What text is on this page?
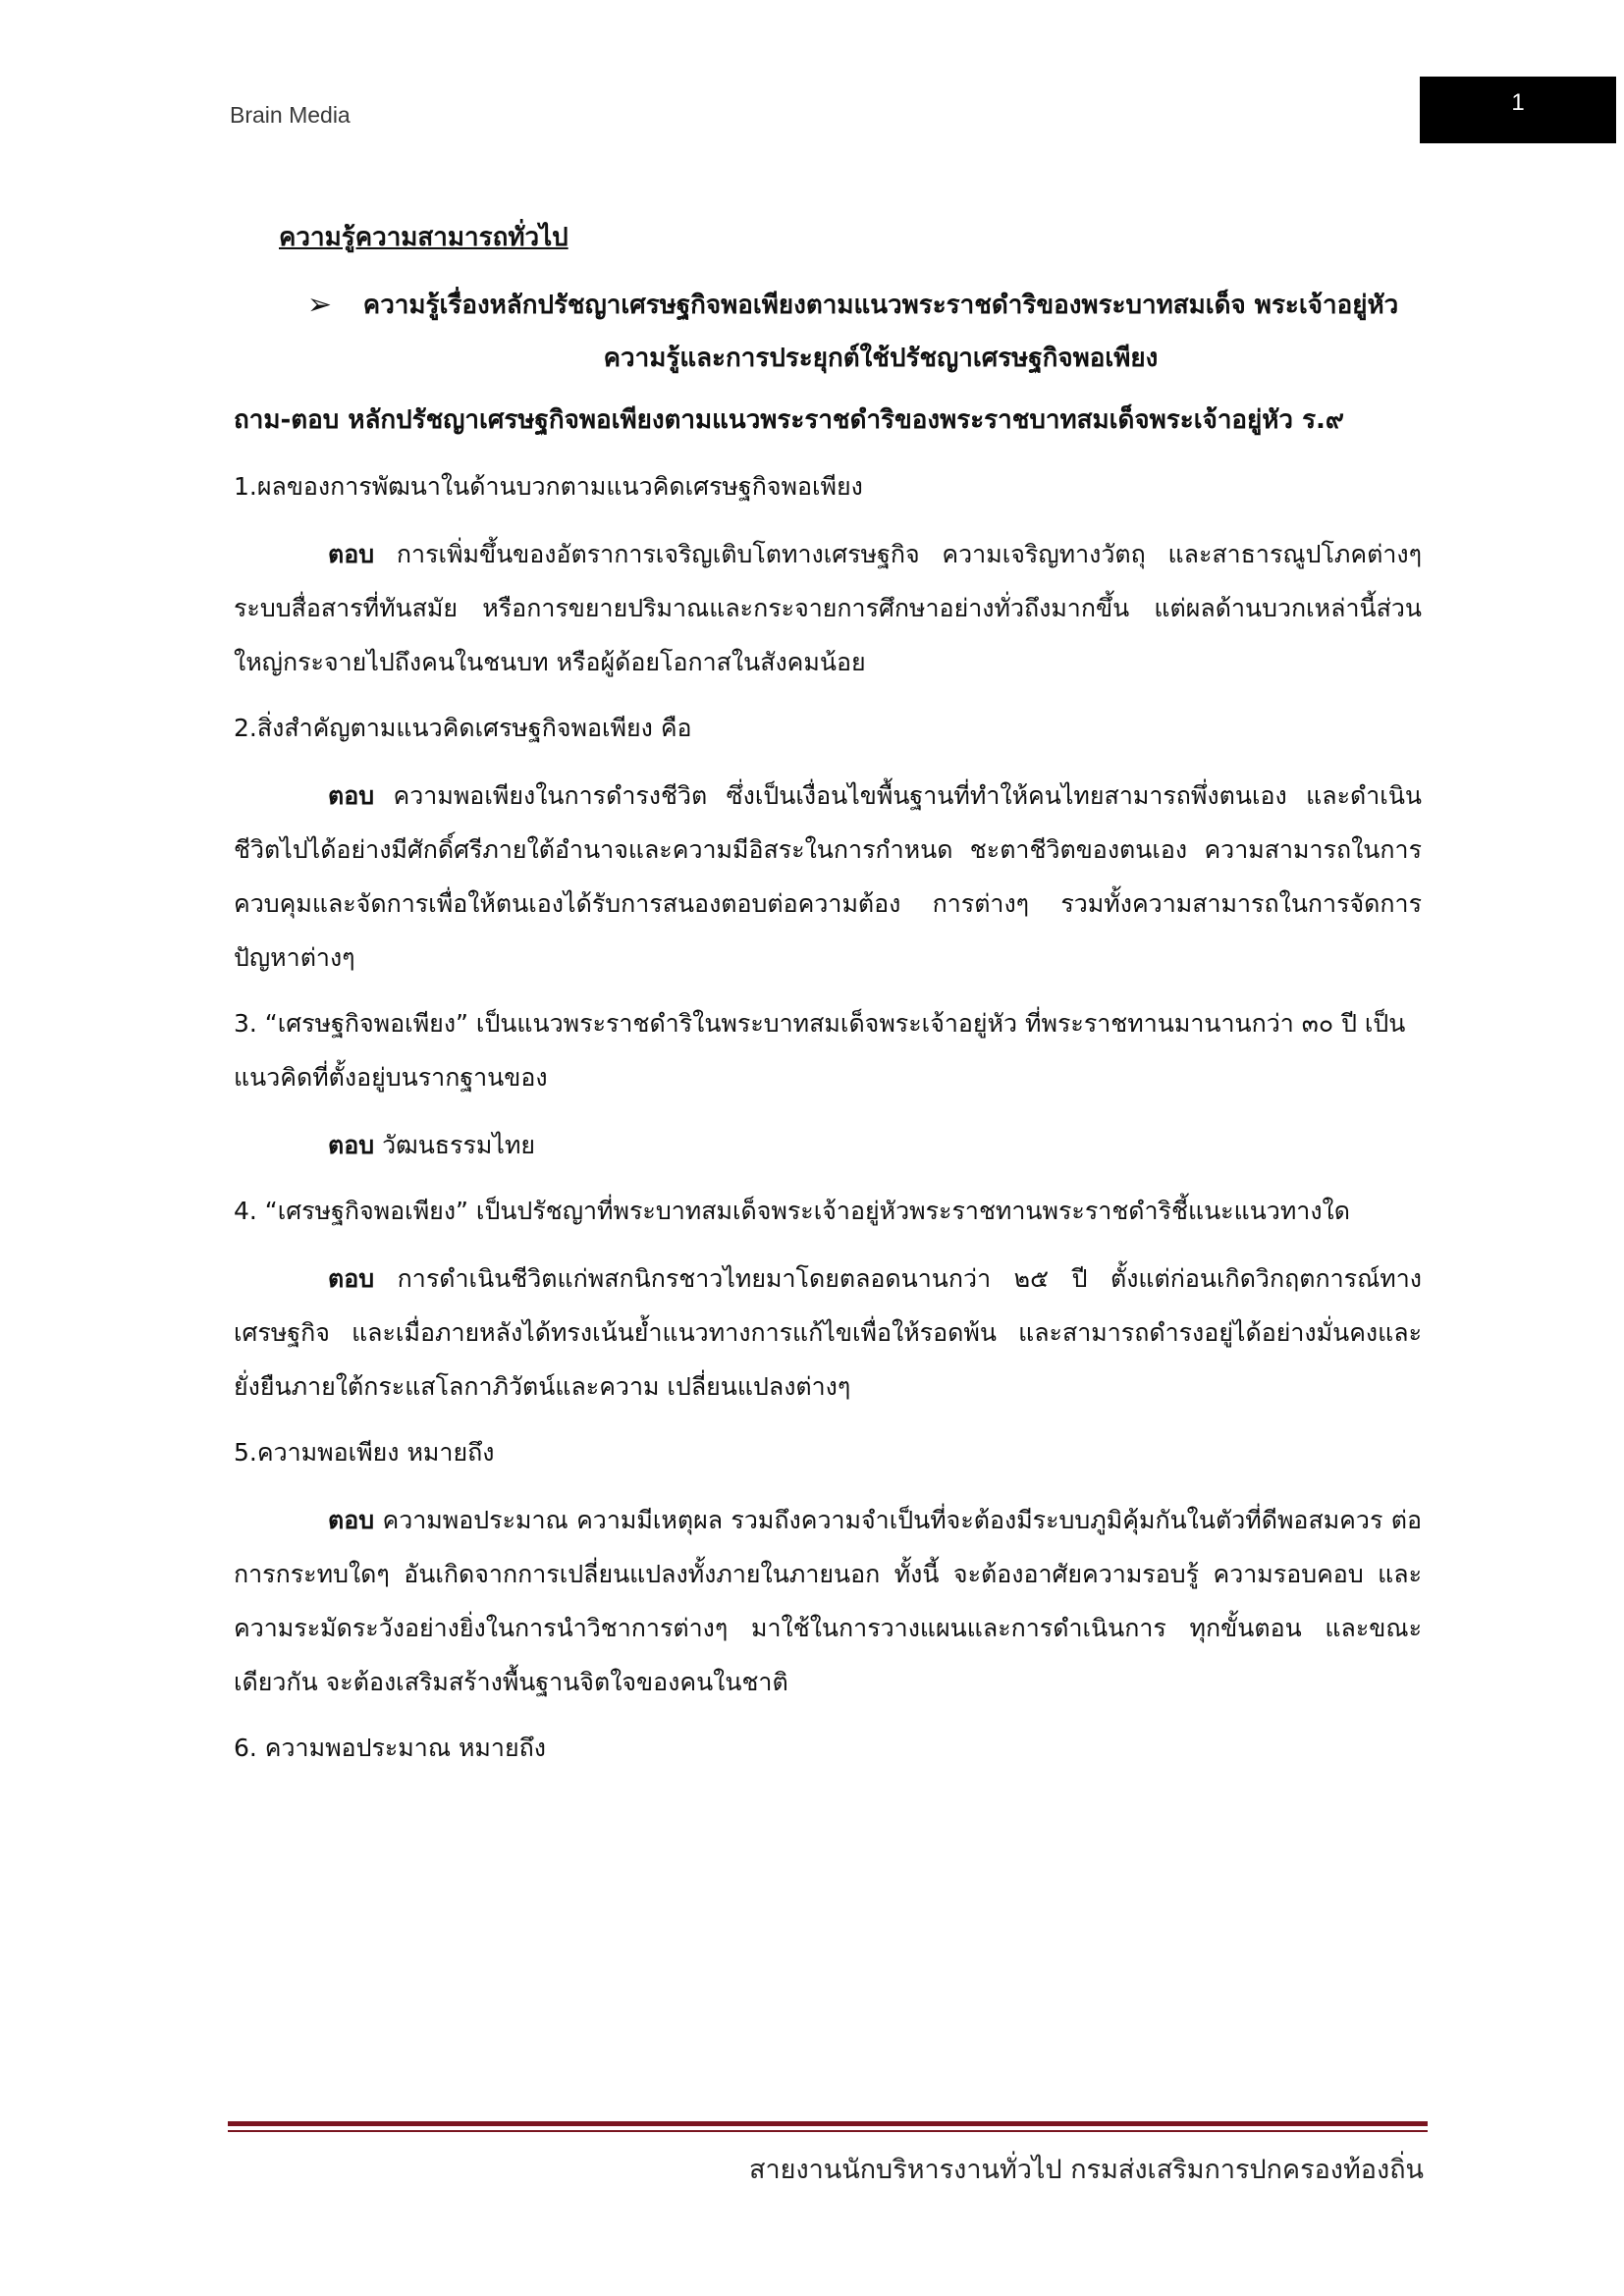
Brain Media	1
ความรู้ความสามารถทั่วไป
➢	ความรู้เรื่องหลักปรัชญาเศรษฐกิจพอเพียงตามแนวพระราชดำริของพระบาทสมเด็จ พระเจ้าอยู่หัว ความรู้และการประยุกต์ใช้ปรัชญาเศรษฐกิจพอเพียง
ถาม-ตอบ หลักปรัชญาเศรษฐกิจพอเพียงตามแนวพระราชดำริของพระราชบาทสมเด็จพระเจ้าอยู่หัว ร.๙
1.ผลของการพัฒนาในด้านบวกตามแนวคิดเศรษฐกิจพอเพียง
ตอบ การเพิ่มขึ้นของอัตราการเจริญเติบโตทางเศรษฐกิจ ความเจริญทางวัตถุ และสาธารณูปโภคต่างๆ ระบบสื่อสารที่ทันสมัย หรือการขยายปริมาณและกระจายการศึกษาอย่างทั่วถึงมากขึ้น แต่ผลด้านบวกเหล่านี้ส่วนใหญ่กระจายไปถึงคนในชนบท หรือผู้ด้อยโอกาสในสังคมน้อย
2.สิ่งสำคัญตามแนวคิดเศรษฐกิจพอเพียง คือ
ตอบ ความพอเพียงในการดำรงชีวิต ซึ่งเป็นเงื่อนไขพื้นฐานที่ทำให้คนไทยสามารถพึ่งตนเอง และดำเนินชีวิตไปได้อย่างมีศักดิ์ศรีภายใต้อำนาจและความมีอิสระในการกำหนด ชะตาชีวิตของตนเอง ความสามารถในการควบคุมและจัดการเพื่อให้ตนเองได้รับการสนองตอบต่อความต้อง การต่างๆ รวมทั้งความสามารถในการจัดการปัญหาต่างๆ
3. “เศรษฐกิจพอเพียง” เป็นแนวพระราชดำริในพระบาทสมเด็จพระเจ้าอยู่หัว ที่พระราชทานมานานกว่า ๓๐ ปี เป็นแนวคิดที่ตั้งอยู่บนรากฐานของ
ตอบ วัฒนธรรมไทย
4. “เศรษฐกิจพอเพียง” เป็นปรัชญาที่พระบาทสมเด็จพระเจ้าอยู่หัวพระราชทานพระราชดำริชี้แนะแนวทางใด
ตอบ การดำเนินชีวิตแก่พสกนิกรชาวไทยมาโดยตลอดนานกว่า ๒๕ ปี ตั้งแต่ก่อนเกิดวิกฤตการณ์ทางเศรษฐกิจ และเมื่อภายหลังได้ทรงเน้นย้ำแนวทางการแก้ไขเพื่อให้รอดพ้น และสามารถดำรงอยู่ได้อย่างมั่นคงและยั่งยืนภายใต้กระแสโลกาภิวัตน์และความ เปลี่ยนแปลงต่างๆ
5.ความพอเพียง หมายถึง
ตอบ ความพอประมาณ ความมีเหตุผล รวมถึงความจำเป็นที่จะต้องมีระบบภูมิคุ้มกันในตัวที่ดีพอสมควร ต่อการกระทบใดๆ อันเกิดจากการเปลี่ยนแปลงทั้งภายในภายนอก ทั้งนี้ จะต้องอาศัยความรอบรู้ ความรอบคอบ และความระมัดระวังอย่างยิ่งในการนำวิชาการต่างๆ มาใช้ในการวางแผนและการดำเนินการ ทุกขั้นตอน และขณะเดียวกัน จะต้องเสริมสร้างพื้นฐานจิตใจของคนในชาติ
6. ความพอประมาณ หมายถึง
สายงานนักบริหารงานทั่วไป กรมส่งเสริมการปกครองท้องถิ่น
